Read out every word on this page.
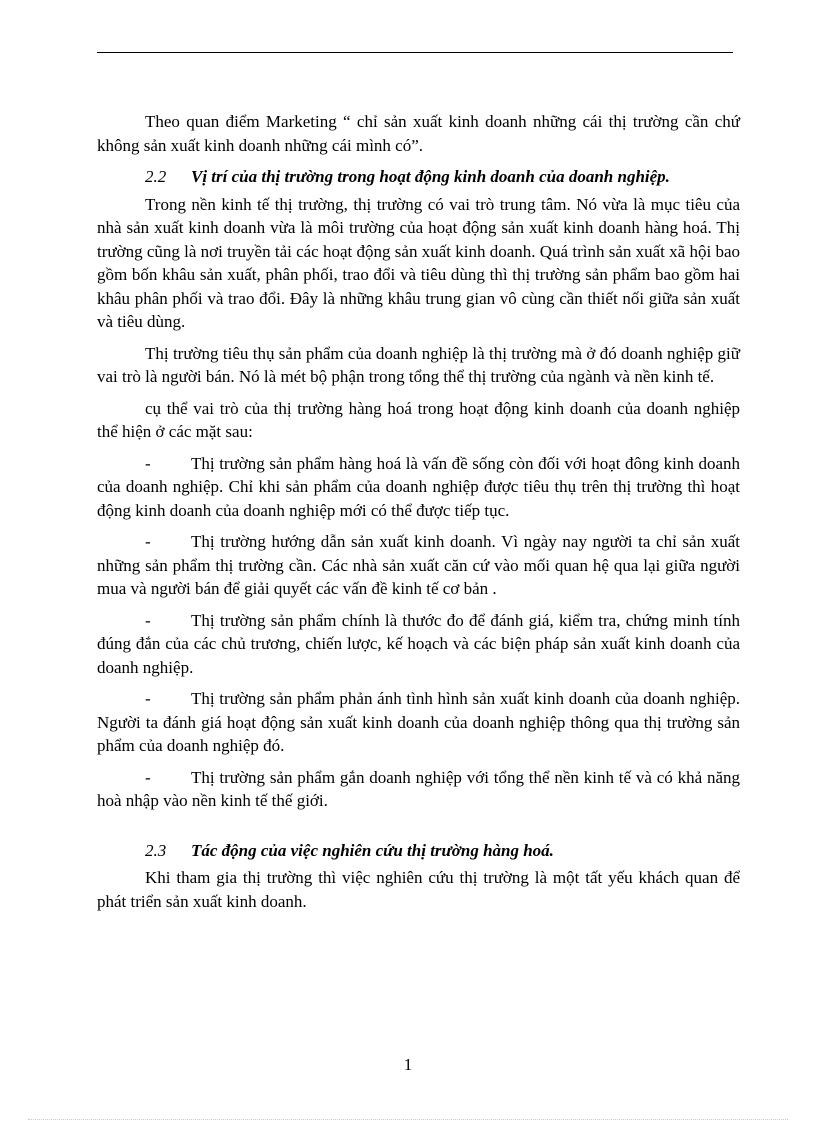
Theo quan điểm Marketing “ chỉ sản xuất kinh doanh những cái thị trường cần chứ không sản xuất kinh doanh những cái mình có”.

2.2	Vị trí của thị trường trong hoạt động kinh doanh của doanh nghiệp.

Trong nền kinh tế thị trường, thị trường có vai trò trung tâm. Nó vừa là mục tiêu của nhà sản xuất kinh doanh vừa là môi trường của hoạt động sản xuất kinh doanh hàng hoá. Thị trường cũng là nơi truyền tải các hoạt động sản xuất kinh doanh. Quá trình sản xuất xã hội bao gồm bốn khâu sản xuất, phân phối, trao đổi và tiêu dùng thì thị trường sản phẩm bao gồm hai khâu phân phối và trao đổi. Đây là những khâu trung gian vô cùng cần thiết nối giữa sản xuất và tiêu dùng.

Thị trường tiêu thụ sản phẩm của doanh nghiệp là thị trường mà ở đó doanh nghiệp giữ vai trò là người bán. Nó là mét bộ phận trong tổng thể thị trường của ngành và nền kinh tế.

cụ thể vai trò của thị trường hàng hoá trong hoạt động kinh doanh của doanh nghiệp thể hiện ở các mặt sau:

- Thị trường sản phẩm hàng hoá là vấn đề sống còn đối với hoạt đông kinh doanh của doanh nghiệp. Chỉ khi sản phẩm của doanh nghiệp được tiêu thụ trên thị trường thì hoạt động kinh doanh của doanh nghiệp mới có thể được tiếp tục.
- Thị trường hướng dẫn sản xuất kinh doanh. Vì ngày nay người ta chỉ sản xuất những sản phẩm thị trường cần. Các nhà sản xuất căn cứ vào mối quan hệ qua lại giữa người mua và người bán để giải quyết các vấn đề kinh tế cơ bản .
- Thị trường sản phẩm chính là thước đo để đánh giá, kiểm tra, chứng minh tính đúng đắn của các chủ trương, chiến lược, kế hoạch và các biện pháp sản xuất kinh doanh của doanh nghiệp.
- Thị trường sản phẩm phản ánh tình hình sản xuất kinh doanh của doanh nghiệp. Người ta đánh giá hoạt động sản xuất kinh doanh của doanh nghiệp thông qua thị trường sản phẩm của doanh nghiệp đó.
- Thị trường sản phẩm gắn doanh nghiệp với tổng thể nền kinh tế và có khả năng hoà nhập vào nền kinh tế thế giới.
2.3	Tác động của việc nghiên cứu thị trường hàng hoá.

Khi tham gia thị trường thì việc nghiên cứu thị trường là một tất yếu khách quan để phát triển sản xuất kinh doanh.

1
